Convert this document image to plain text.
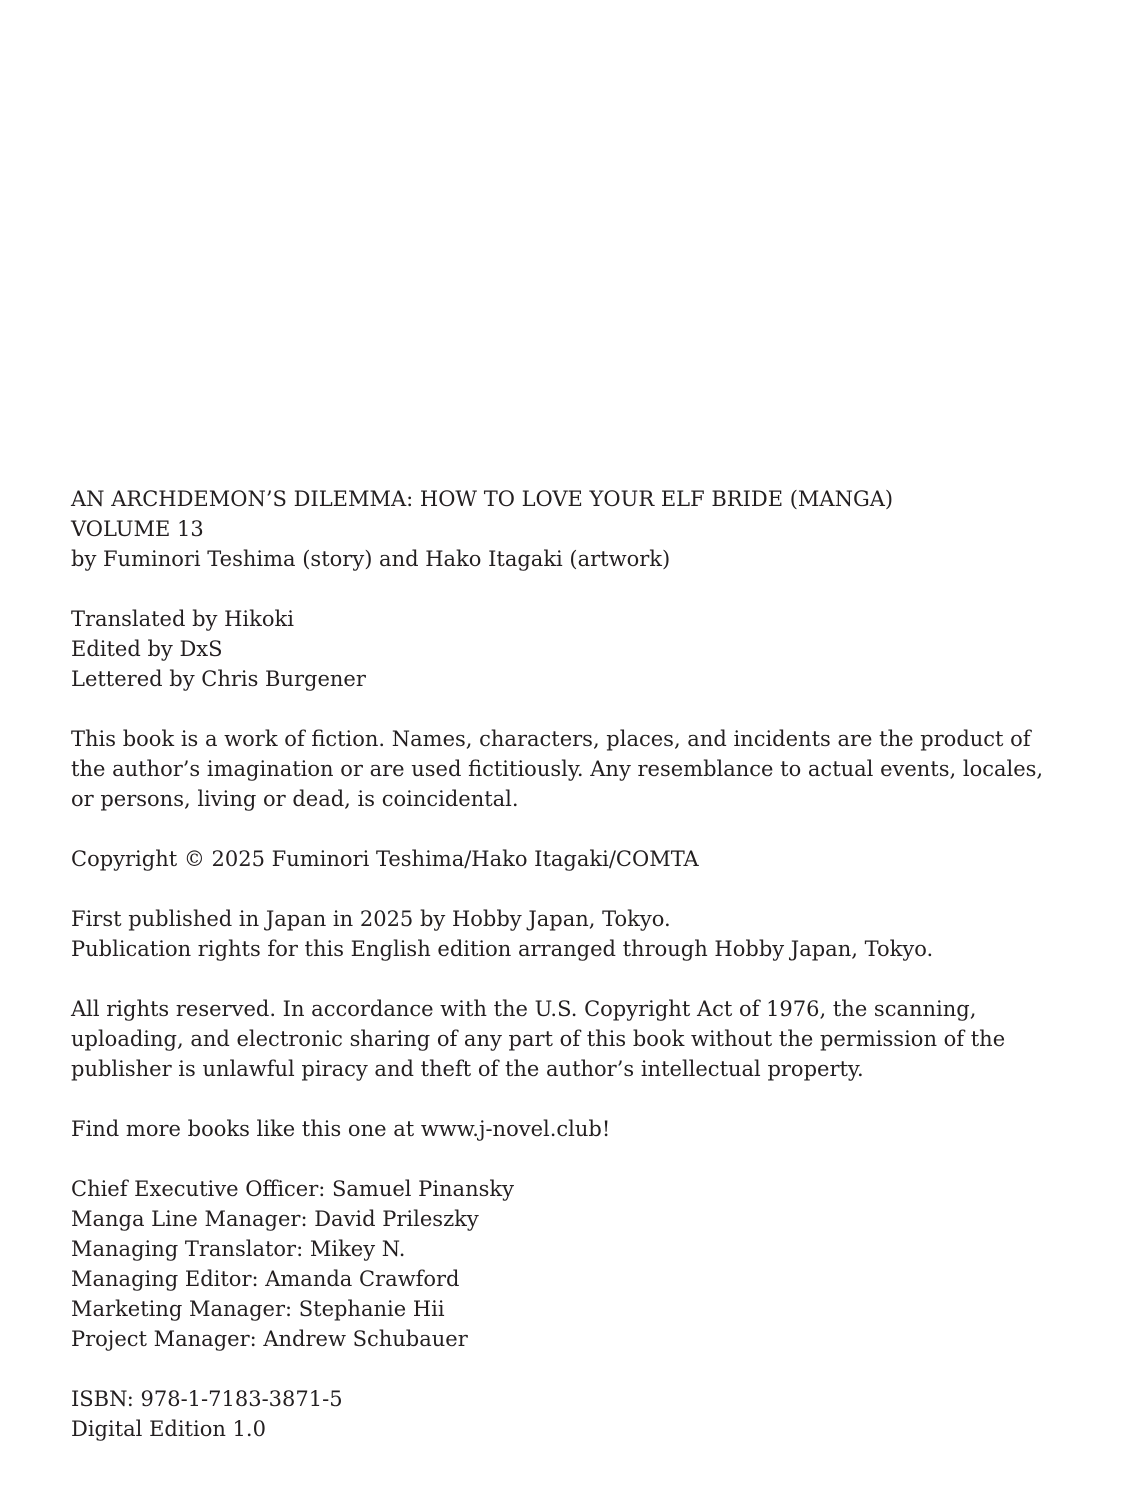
AN ARCHDEMON’S DILEMMA: HOW TO LOVE YOUR ELF BRIDE (MANGA)
VOLUME 13
by Fuminori Teshima (story) and Hako Itagaki (artwork)
Translated by Hikoki
Edited by DxS
Lettered by Chris Burgener
This book is a work of fiction. Names, characters, places, and incidents are the product of
the author’s imagination or are used fictitiously. Any resemblance to actual events, locales,
or persons, living or dead, is coincidental.
Copyright © 2025 Fuminori Teshima/Hako Itagaki/COMTA
First published in Japan in 2025 by Hobby Japan, Tokyo.
Publication rights for this English edition arranged through Hobby Japan, Tokyo.
All rights reserved. In accordance with the U.S. Copyright Act of 1976, the scanning,
uploading, and electronic sharing of any part of this book without the permission of the
publisher is unlawful piracy and theft of the author’s intellectual property.
Find more books like this one at www.j-novel.club!
Chief Executive Officer: Samuel Pinansky
Manga Line Manager: David Prileszky
Managing Translator: Mikey N.
Managing Editor: Amanda Crawford
Marketing Manager: Stephanie Hii
Project Manager: Andrew Schubauer
ISBN: 978-1-7183-3871-5
Digital Edition 1.0
